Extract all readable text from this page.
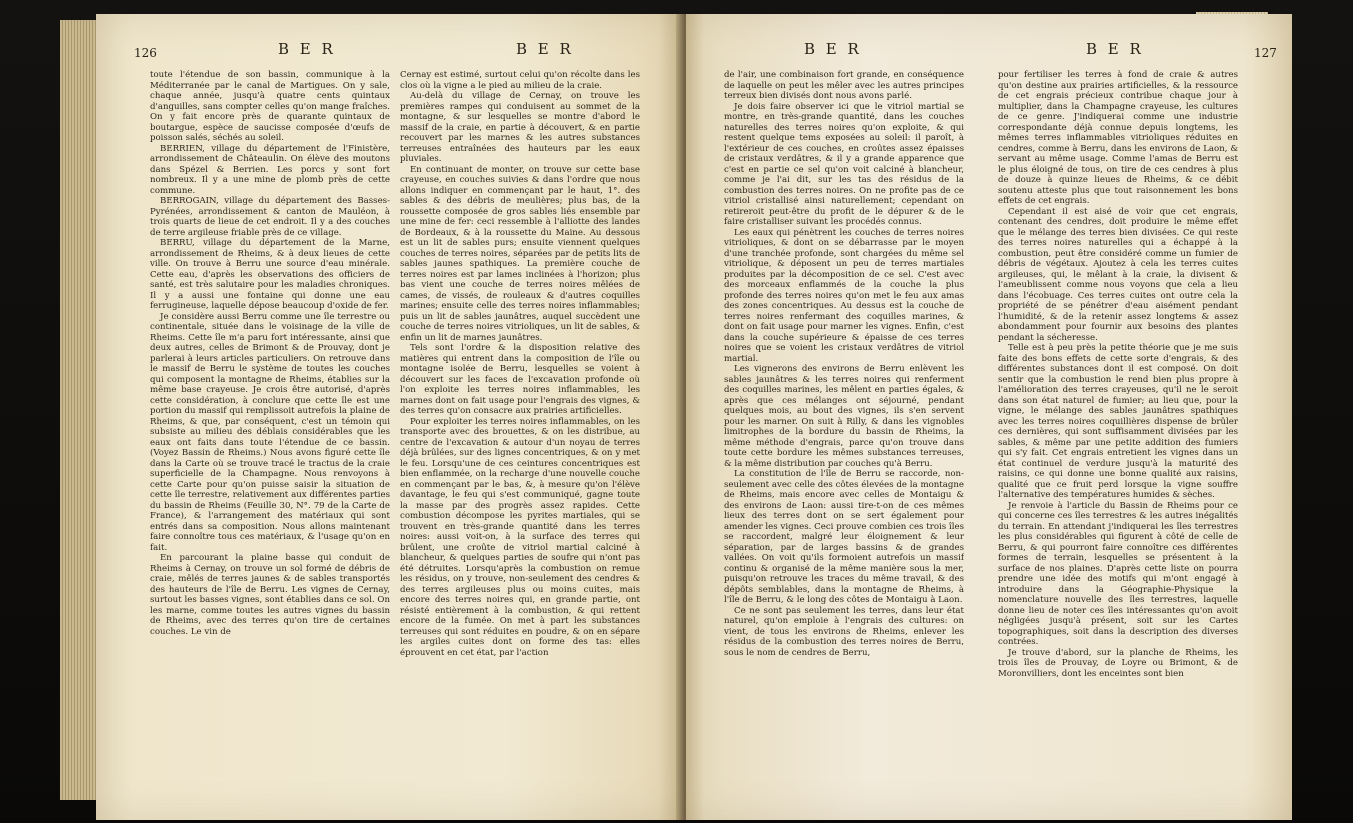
126	B E R	B E R

toute l'étendue de son bassin, communique à la Méditerranée par le canal de Martigues. On y sale, chaque année, jusqu'à quatre cents quintaux d'anguilles, sans compter celles qu'on mange fraîches. On y fait encore près de quarante quintaux de boutargue, espèce de saucisse composée d'œufs de poisson salés, séchés au soleil.

BERRIEN, village du département de l'Finistère, arrondissement de Châteaulin. On élève des moutons dans Spézel & Berrien. Les porcs y sont fort nombreux. Il y a une mine de plomb près de cette commune.

BERROGAIN, village du département des Basses-Pyrénées, arrondissement & canton de Mauléon, à trois quarts de lieue de cet endroit. Il y a des couches de terre argileuse friable près de ce village.

BERRU, village du département de la Marne, arrondissement de Rheims, & à deux lieues de cette ville. On trouve à Berru une source d'eau minérale. Cette eau, d'après les observations des officiers de santé, est très salutaire pour les maladies chroniques. Il y a aussi une fontaine qui donne une eau ferrugineuse, laquelle dépose beaucoup d'oxide de fer.

Je considère aussi Berru comme une île terrestre ou continentale, située dans le voisinage de la ville de Rheims. Cette île m'a paru fort intéressante, ainsi que deux autres, celles de Brimont & de Prouvay, dont je parlerai à leurs articles particuliers. On retrouve dans le massif de Berru le système de toutes les couches qui composent la montagne de Rheims, établies sur la même base crayeuse. Je crois être autorisé, d'après cette considération, à conclure que cette île est une portion du massif qui remplissoit autrefois la plaine de Rheims, & que, par conséquent, c'est un témoin qui subsiste au milieu des déblais considérables que les eaux ont faits dans toute l'étendue de ce bassin. (Voyez Bassin de Rheims.) Nous avons figuré cette île dans la Carte où se trouve tracé le tractus de la craie superficielle de la Champagne. Nous renvoyons à cette Carte pour qu'on puisse saisir la situation de cette île terrestre, relativement aux différentes parties du bassin de Rheims (Feuille 30, N°. 79 de la Carte de France), & l'arrangement des matériaux qui sont entrés dans sa composition. Nous allons maintenant faire connoître tous ces matériaux, & l'usage qu'on en fait.

En parcourant la plaine basse qui conduit de Rheims à Cernay, on trouve un sol formé de débris de craie, mêlés de terres jaunes & de sables transportés des hauteurs de l'île de Berru. Les vignes de Cernay, surtout les basses vignes, sont établies dans ce sol. On les marne, comme toutes les autres vignes du bassin de Rheims, avec des terres qu'on tire de certaines couches. Le vin de

Cernay est estimé, surtout celui qu'on récolte dans les clos où la vigne a le pied au milieu de la craie.

Au-delà du village de Cernay, on trouve les premières rampes qui conduisent au sommet de la montagne, & sur lesquelles se montre d'abord le massif de la craie, en partie à découvert, & en partie recouvert par les marnes & les autres substances terreuses entraînées des hauteurs par les eaux pluviales.

En continuant de monter, on trouve sur cette base crayeuse, en couches suivies & dans l'ordre que nous allons indiquer en commençant par le haut, 1°. des sables & des débris de meulières; plus bas, de la roussette composée de gros sables liés ensemble par une mine de fer: ceci ressemble à l'alliotte des landes de Bordeaux, & à la roussette du Maine. Au dessous est un lit de sables purs; ensuite viennent quelques couches de terres noires, séparées par de petits lits de sables jaunes spathiques. La première couche de terres noires est par lames inclinées à l'horizon; plus bas vient une couche de terres noires mêlées de cames, de vissés, de rouleaux & d'autres coquilles marines; ensuite celle des terres noires inflammables; puis un lit de sables jaunâtres, auquel succèdent une couche de terres noires vitrioliques, un lit de sables, & enfin un lit de marnes jaunâtres.

Tels sont l'ordre & la disposition relative des matières qui entrent dans la composition de l'île ou montagne isolée de Berru, lesquelles se voient à découvert sur les faces de l'excavation profonde où l'on exploite les terres noires inflammables, les marnes dont on fait usage pour l'engrais des vignes, & des terres qu'on consacre aux prairies artificielles.

Pour exploiter les terres noires inflammables, on les transporte avec des brouettes, & on les distribue, au centre de l'excavation & autour d'un noyau de terres déjà brûlées, sur des lignes concentriques, & on y met le feu. Lorsqu'une de ces ceintures concentriques est bien enflammée, on la recharge d'une nouvelle couche en commençant par le bas, &, à mesure qu'on l'élève davantage, le feu qui s'est communiqué, gagne toute la masse par des progrès assez rapides. Cette combustion décompose les pyrites martiales, qui se trouvent en très-grande quantité dans les terres noires: aussi voit-on, à la surface des terres qui brûlent, une croûte de vitriol martial calciné à blancheur, & quelques parties de soufre qui n'ont pas été détruites. Lorsqu'après la combustion on remue les résidus, on y trouve, non-seulement des cendres & des terres argileuses plus ou moins cuites, mais encore des terres noires qui, en grande partie, ont résisté entièrement à la combustion, & qui rettent encore de la fumée. On met à part les substances terreuses qui sont réduites en poudre, & on en sépare les argiles cuites dont on forme des tas: elles éprouvent en cet état, par l'action

B E R	B E R	127

de l'air, une combinaison fort grande, en conséquence de laquelle on peut les mêler avec les autres principes terreux bien divisés dont nous avons parlé.

Je dois faire observer ici que le vitriol martial se montre, en très-grande quantité, dans les couches naturelles des terres noires qu'on exploite, & qui restent quelque tems exposées au soleil: il paroît, à l'extérieur de ces couches, en croûtes assez épaisses de cristaux verdâtres, & il y a grande apparence que c'est en partie ce sel qu'on voit calciné à blancheur, comme je l'ai dit, sur les tas des résidus de la combustion des terres noires. On ne profite pas de ce vitriol cristallisé ainsi naturellement; cependant on retireroit peut-être du profit de le dépurer & de le faire cristalliser suivant les procédés connus.

Les eaux qui pénètrent les couches de terres noires vitrioliques, & dont on se débarrasse par le moyen d'une tranchée profonde, sont chargées du même sel vitriolique, & déposent un peu de terres martiales produites par la décomposition de ce sel. C'est avec des morceaux enflammés de la couche la plus profonde des terres noires qu'on met le feu aux amas des zones concentriques. Au dessus est la couche de terres noires renfermant des coquilles marines, & dont on fait usage pour marner les vignes. Enfin, c'est dans la couche supérieure & épaisse de ces terres noires que se voient les cristaux verdâtres de vitriol martial.

Les vignerons des environs de Berru enlèvent les sables jaunâtres & les terres noires qui renferment des coquilles marines, les mêlent en parties égales, & après que ces mélanges ont séjourné, pendant quelques mois, au bout des vignes, ils s'en servent pour les marner. On suit à Rilly, & dans les vignobles limitrophes de la bordure du bassin de Rheims, la même méthode d'engrais, parce qu'on trouve dans toute cette bordure les mêmes substances terreuses, & la même distribution par couches qu'à Berru.

La constitution de l'île de Berru se raccorde, non-seulement avec celle des côtes élevées de la montagne de Rheims, mais encore avec celles de Montaigu & des environs de Laon: aussi tire-t-on de ces mêmes lieux des terres dont on se sert également pour amender les vignes. Ceci prouve combien ces trois îles se raccordent, malgré leur éloignement & leur séparation, par de larges bassins & de grandes vallées. On voit qu'ils formoient autrefois un massif continu & organisé de la même manière sous la mer, puisqu'on retrouve les traces du même travail, & des dépôts semblables, dans la montagne de Rheims, à l'île de Berru, & le long des côtes de Montaigu à Laon.

Ce ne sont pas seulement les terres, dans leur état naturel, qu'on emploie à l'engrais des cultures: on vient, de tous les environs de Rheims, enlever les résidus de la combustion des terres noires de Berru, sous le nom de cendres de Berru,

pour fertiliser les terres à fond de craie & autres qu'on destine aux prairies artificielles, & la ressource de cet engrais précieux contribue chaque jour à multiplier, dans la Champagne crayeuse, les cultures de ce genre. J'indiquerai comme une industrie correspondante déjà connue depuis longtems, les mêmes terres inflammables vitrioliques réduites en cendres, comme à Berru, dans les environs de Laon, & servant au même usage. Comme l'amas de Berru est le plus éloigné de tous, on tire de ces cendres à plus de douze à quinze lieues de Rheims, & ce débit soutenu atteste plus que tout raisonnement les bons effets de cet engrais.

Cependant il est aisé de voir que cet engrais, contenant des cendres, doit produire le même effet que le mélange des terres bien divisées. Ce qui reste des terres noires naturelles qui a échappé à la combustion, peut être considéré comme un fumier de débris de végétaux. Ajoutez à cela les terres cuites argileuses, qui, le mêlant à la craie, la divisent & l'ameublissent comme nous voyons que cela a lieu dans l'écobuage. Ces terres cuites ont outre cela la propriété de se pénétrer d'eau aisément pendant l'humidité, & de la retenir assez longtems & assez abondamment pour fournir aux besoins des plantes pendant la sécheresse.

Telle est à peu près la petite théorie que je me suis faite des bons effets de cette sorte d'engrais, & des différentes substances dont il est composé. On doit sentir que la combustion le rend bien plus propre à l'amélioration des terres crayeuses, qu'il ne le seroit dans son état naturel de fumier; au lieu que, pour la vigne, le mélange des sables jaunâtres spathiques avec les terres noires coquillières dispense de brûler ces dernières, qui sont suffisamment divisées par les sables, & même par une petite addition des fumiers qui s'y fait. Cet engrais entretient les vignes dans un état continuel de verdure jusqu'à la maturité des raisins, ce qui donne une bonne qualité aux raisins, qualité que ce fruit perd lorsque la vigne souffre l'alternative des températures humides & sèches.

Je renvoie à l'article du Bassin de Rheims pour ce qui concerne ces îles terrestres & les autres inégalités du terrain. En attendant j'indiquerai les îles terrestres les plus considérables qui figurent à côté de celle de Berru, & qui pourront faire connoître ces différentes formes de terrain, lesquelles se présentent à la surface de nos plaines. D'après cette liste on pourra prendre une idée des motifs qui m'ont engagé à introduire dans la Géographie-Physique la nomenclature nouvelle des îles terrestres, laquelle donne lieu de noter ces îles intéressantes qu'on avoit négligées jusqu'à présent, soit sur les Cartes topographiques, soit dans la description des diverses contrées.

Je trouve d'abord, sur la planche de Rheims, les trois îles de Prouvay, de Loyre ou Brimont, & de Moronvilliers, dont les enceintes sont bien
